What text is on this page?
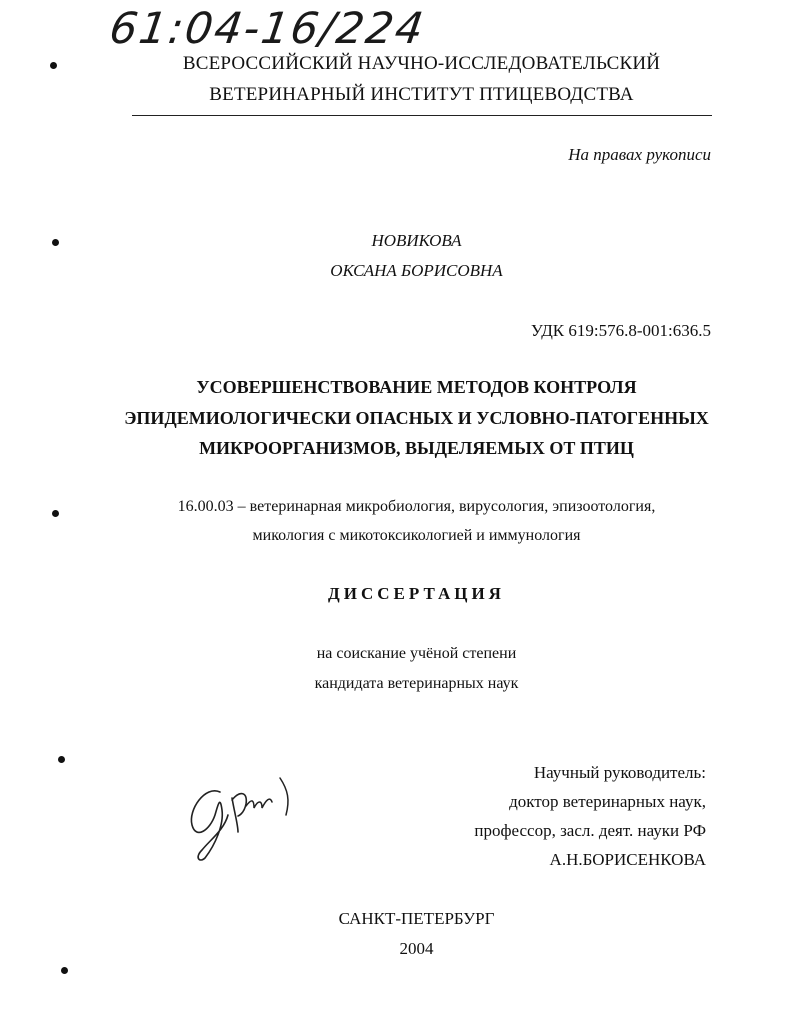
61:04-16/224
ВСЕРОССИЙСКИЙ НАУЧНО-ИССЛЕДОВАТЕЛЬСКИЙ
ВЕТЕРИНАРНЫЙ ИНСТИТУТ ПТИЦЕВОДСТВА
На правах рукописи
НОВИКОВА
ОКСАНА БОРИСОВНА
УДК 619:576.8-001:636.5
УСОВЕРШЕНСТВОВАНИЕ МЕТОДОВ КОНТРОЛЯ
ЭПИДЕМИОЛОГИЧЕСКИ ОПАСНЫХ И УСЛОВНО-ПАТОГЕННЫХ
МИКРООРГАНИЗМОВ, ВЫДЕЛЯЕМЫХ ОТ ПТИЦ
16.00.03 – ветеринарная микробиология, вирусология, эпизоотология,
микология с микотоксикологией и иммунология
ДИССЕРТАЦИЯ
на соискание учёной степени
кандидата ветеринарных наук
Научный руководитель:
доктор ветеринарных наук,
профессор, засл. деят. науки РФ
А.Н.БОРИСЕНКОВА
САНКТ-ПЕТЕРБУРГ
2004
